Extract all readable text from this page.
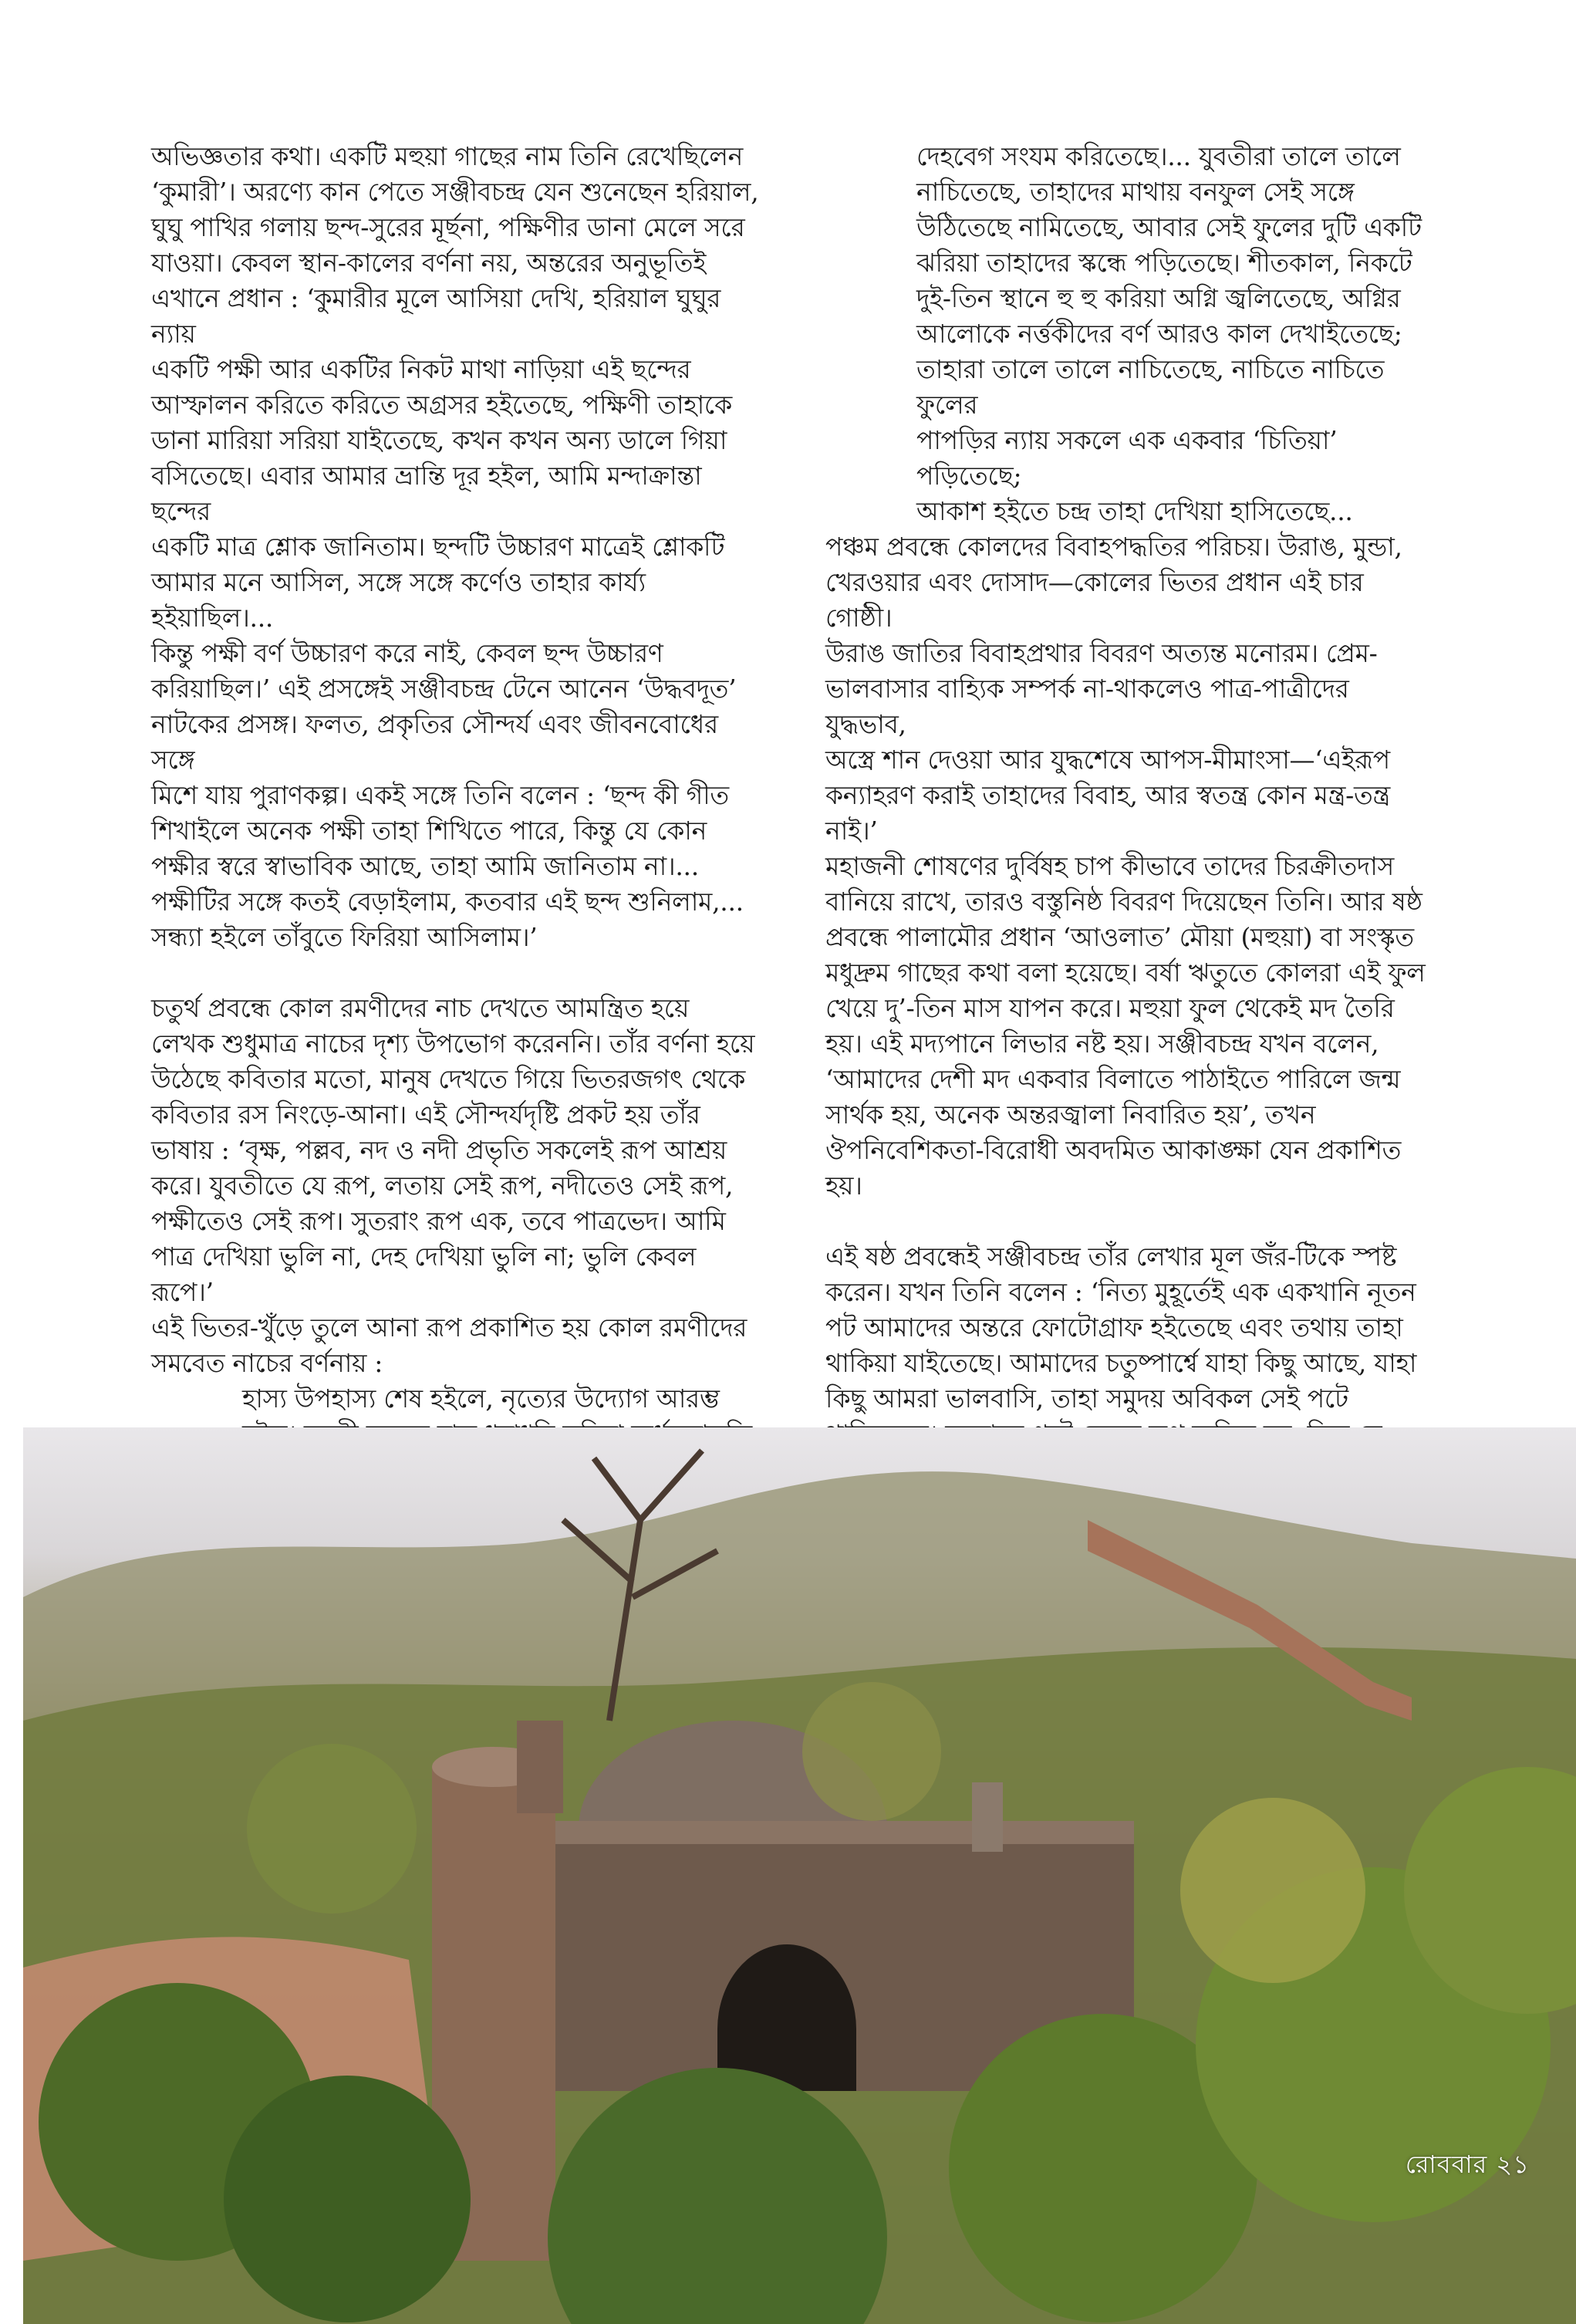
অভিজ্ঞতার কথা। একটি মহুয়া গাছের নাম তিনি রেখেছিলেন
‘কুমারী’। অরণ্যে কান পেতে সঞ্জীবচন্দ্র যেন শুনেছেন হরিয়াল,
ঘুঘু পাখির গলায় ছন্দ-সুরের মূর্ছনা, পক্ষিণীর ডানা মেলে সরে
যাওয়া। কেবল স্থান-কালের বর্ণনা নয়, অন্তরের অনুভূতিই
এখানে প্রধান : ‘কুমারীর মূলে আসিয়া দেখি, হরিয়াল ঘুঘুর ন্যায়
একটি পক্ষী আর একটির নিকট মাথা নাড়িয়া এই ছন্দের
আস্ফালন করিতে করিতে অগ্রসর হইতেছে, পক্ষিণী তাহাকে
ডানা মারিয়া সরিয়া যাইতেছে, কখন কখন অন্য ডালে গিয়া
বসিতেছে। এবার আমার ভ্রান্তি দূর হইল, আমি মন্দাক্রান্তা ছন্দের
একটি মাত্র শ্লোক জানিতাম। ছন্দটি উচ্চারণ মাত্রেই শ্লোকটি
আমার মনে আসিল, সঙ্গে সঙ্গে কর্ণেও তাহার কার্য্য হইয়াছিল।...
কিন্তু পক্ষী বর্ণ উচ্চারণ করে নাই, কেবল ছন্দ উচ্চারণ
করিয়াছিল।’ এই প্রসঙ্গেই সঞ্জীবচন্দ্র টেনে আনেন ‘উদ্ধবদূত’
নাটকের প্রসঙ্গ। ফলত, প্রকৃতির সৌন্দর্য এবং জীবনবোধের সঙ্গে
মিশে যায় পুরাণকল্প। একই সঙ্গে তিনি বলেন : ‘ছন্দ কী গীত
শিখাইলে অনেক পক্ষী তাহা শিখিতে পারে, কিন্তু যে কোন
পক্ষীর স্বরে স্বাভাবিক আছে, তাহা আমি জানিতাম না।...
পক্ষীটির সঙ্গে কতই বেড়াইলাম, কতবার এই ছন্দ শুনিলাম,...
সন্ধ্যা হইলে তাঁবুতে ফিরিয়া আসিলাম।’

চতুর্থ প্রবন্ধে কোল রমণীদের নাচ দেখতে আমন্ত্রিত হয়ে
লেখক শুধুমাত্র নাচের দৃশ্য উপভোগ করেননি। তাঁর বর্ণনা হয়ে
উঠেছে কবিতার মতো, মানুষ দেখতে গিয়ে ভিতরজগৎ থেকে
কবিতার রস নিংড়ে-আনা। এই সৌন্দর্যদৃষ্টি প্রকট হয় তাঁর
ভাষায় : ‘বৃক্ষ, পল্লব, নদ ও নদী প্রভৃতি সকলেই রূপ আশ্রয়
করে। যুবতীতে যে রূপ, লতায় সেই রূপ, নদীতেও সেই রূপ,
পক্ষীতেও সেই রূপ। সুতরাং রূপ এক, তবে পাত্রভেদ। আমি
পাত্র দেখিয়া ভুলি না, দেহ দেখিয়া ভুলি না; ভুলি কেবল রূপে।’
এই ভিতর-খুঁড়ে তুলে আনা রূপ প্রকাশিত হয় কোল রমণীদের
সমবেত নাচের বর্ণনায় :

হাস্য উপহাস্য শেষ হইলে, নৃত্যের উদ্যোগ আরম্ভ

দেহবেগ সংযম করিতেছে।... যুবতীরা তালে তালে
নাচিতেছে, তাহাদের মাথায় বনফুল সেই সঙ্গে
উঠিতেছে নামিতেছে, আবার সেই ফুলের দুটি একটি
ঝরিয়া তাহাদের স্কন্ধে পড়িতেছে। শীতকাল, নিকটে
দুই-তিন স্থানে হু হু করিয়া অগ্নি জ্বলিতেছে, অগ্নির
আলোকে নর্ত্তকীদের বর্ণ আরও কাল দেখাইতেছে;
তাহারা তালে তালে নাচিতেছে, নাচিতে নাচিতে ফুলের
পাপড়ির ন্যায় সকলে এক একবার ‘চিতিয়া’ পড়িতেছে;
আকাশ হইতে চন্দ্র তাহা দেখিয়া হাসিতেছে...

পঞ্চম প্রবন্ধে কোলদের বিবাহপদ্ধতির পরিচয়। উরাঙ, মুন্ডা,
খেরওয়ার এবং দোসাদ—কোলের ভিতর প্রধান এই চার গোষ্ঠী।
উরাঙ জাতির বিবাহপ্রথার বিবরণ অত্যন্ত মনোরম। প্রেম-
ভালবাসার বাহ্যিক সম্পর্ক না-থাকলেও পাত্র-পাত্রীদের যুদ্ধভাব,
অস্ত্রে শান দেওয়া আর যুদ্ধশেষে আপস-মীমাংসা—‘এইরূপ
কন্যাহরণ করাই তাহাদের বিবাহ, আর স্বতন্ত্র কোন মন্ত্র-তন্ত্র নাই।’
মহাজনী শোষণের দুর্বিষহ চাপ কীভাবে তাদের চিরক্রীতদাস
বানিয়ে রাখে, তারও বস্তুনিষ্ঠ বিবরণ দিয়েছেন তিনি। আর ষষ্ঠ
প্রবন্ধে পালামৌর প্রধান ‘আওলাত’ মৌয়া (মহুয়া) বা সংস্কৃত
মধুদ্রুম গাছের কথা বলা হয়েছে। বর্ষা ঋতুতে কোলরা এই ফুল
খেয়ে দু’-তিন মাস যাপন করে। মহুয়া ফুল থেকেই মদ তৈরি
হয়। এই মদ্যপানে লিভার নষ্ট হয়। সঞ্জীবচন্দ্র যখন বলেন,
‘আমাদের দেশী মদ একবার বিলাতে পাঠাইতে পারিলে জন্ম
সার্থক হয়, অনেক অন্তরজ্বালা নিবারিত হয়’, তখন
ঔপনিবেশিকতা-বিরোধী অবদমিত আকাঙ্ক্ষা যেন প্রকাশিত
হয়।

এই ষষ্ঠ প্রবন্ধেই সঞ্জীবচন্দ্র তাঁর লেখার মূল জঁর-টিকে স্পষ্ট
করেন। যখন তিনি বলেন : ‘নিত্য মুহূর্তেই এক একখানি নূতন
পট আমাদের অন্তরে ফোটোগ্রাফ হইতেছে এবং তথায় তাহা
থাকিয়া যাইতেছে। আমাদের চতুষ্পার্শ্বে যাহা কিছু আছে, যাহা
কিছু আমরা ভালবাসি, তাহা সমুদয় অবিকল সেই পটে

রোববার ২১
